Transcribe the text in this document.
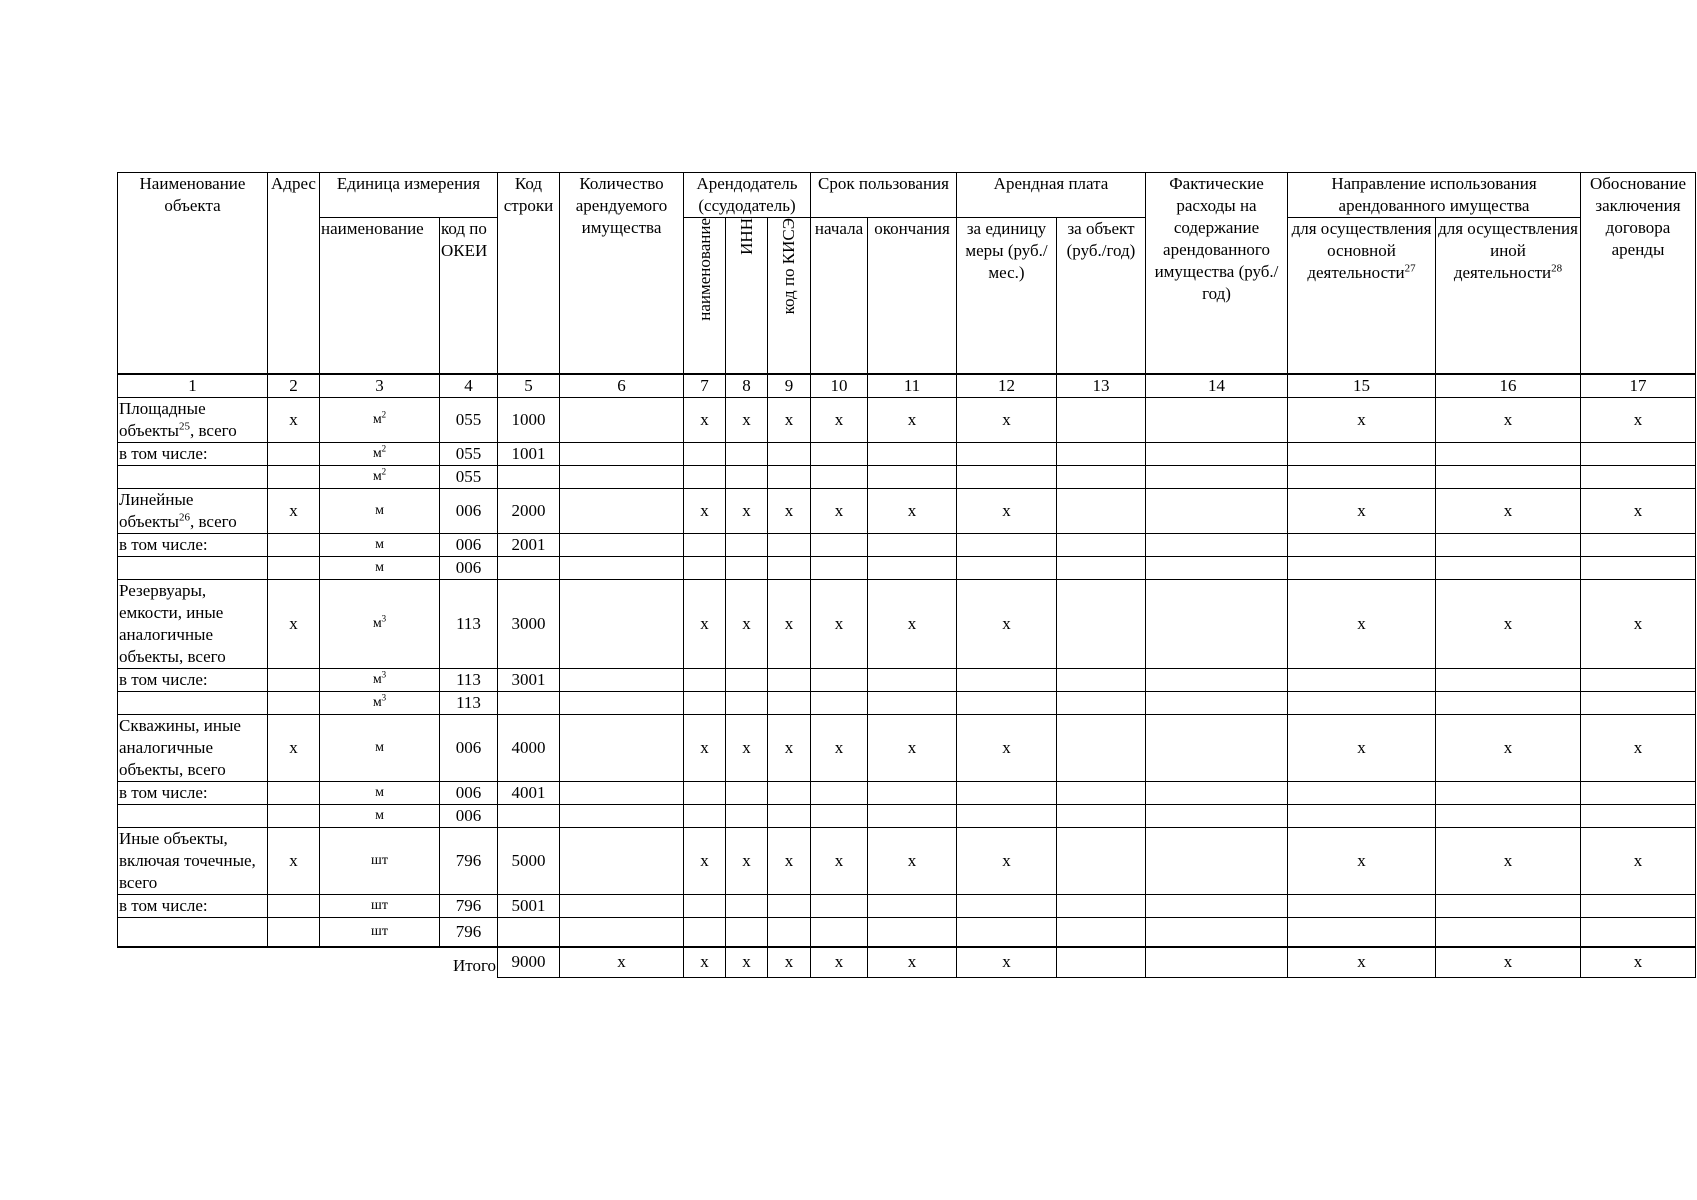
Наименование объекта	Адрес	Единица измерения		Код строки	Количество арендуемого имущества	Арендодатель (ссудодатель)			Срок пользования		Арендная плата		Фактические расходы на содержание арендованного имущества (руб./год)	Направление использования арендованного имущества		Обоснование заключения договора аренды
		наименование	код по ОКЕИ			наименование	ИНН	код по КИСЭ	начала	окончания	за единицу меры (руб./мес.)	за объект (руб./год)		для осуществления основной деятельности$^{27}$	для осуществления иной деятельности$^{28}$
1	2	3	4	5	6	7	8	9	10	11	12	13	14	15	16	17
Площадные объекты$^{25}$, всего	x	$м^2$	055	1000		x	x	x	x	x	x			x	x	x
в том числе:		$м^2$	055	1001												
		$м^2$	055													
Линейные объекты$^{26}$, всего	x	м	006	2000		x	x	x	x	x	x			x	x	x
в том числе:		м	006	2001												
		м	006													
Резервуары, емкости, иные аналогичные объекты, всего	x	$м^3$	113	3000		x	x	x	x	x	x			x	x	x
в том числе:		$м^3$	113	3001												
		$м^3$	113													
Скважины, иные аналогичные объекты, всего	x	м	006	4000		x	x	x	x	x	x			x	x	x
в том числе:		м	006	4001												
		м	006													
Иные объекты, включая точечные, всего	x	шт	796	5000		x	x	x	x	x	x			x	x	x
в том числе:		шт	796	5001												
		шт	796													
Итого				9000	x	x	x	x	x	x	x			x	x	x
